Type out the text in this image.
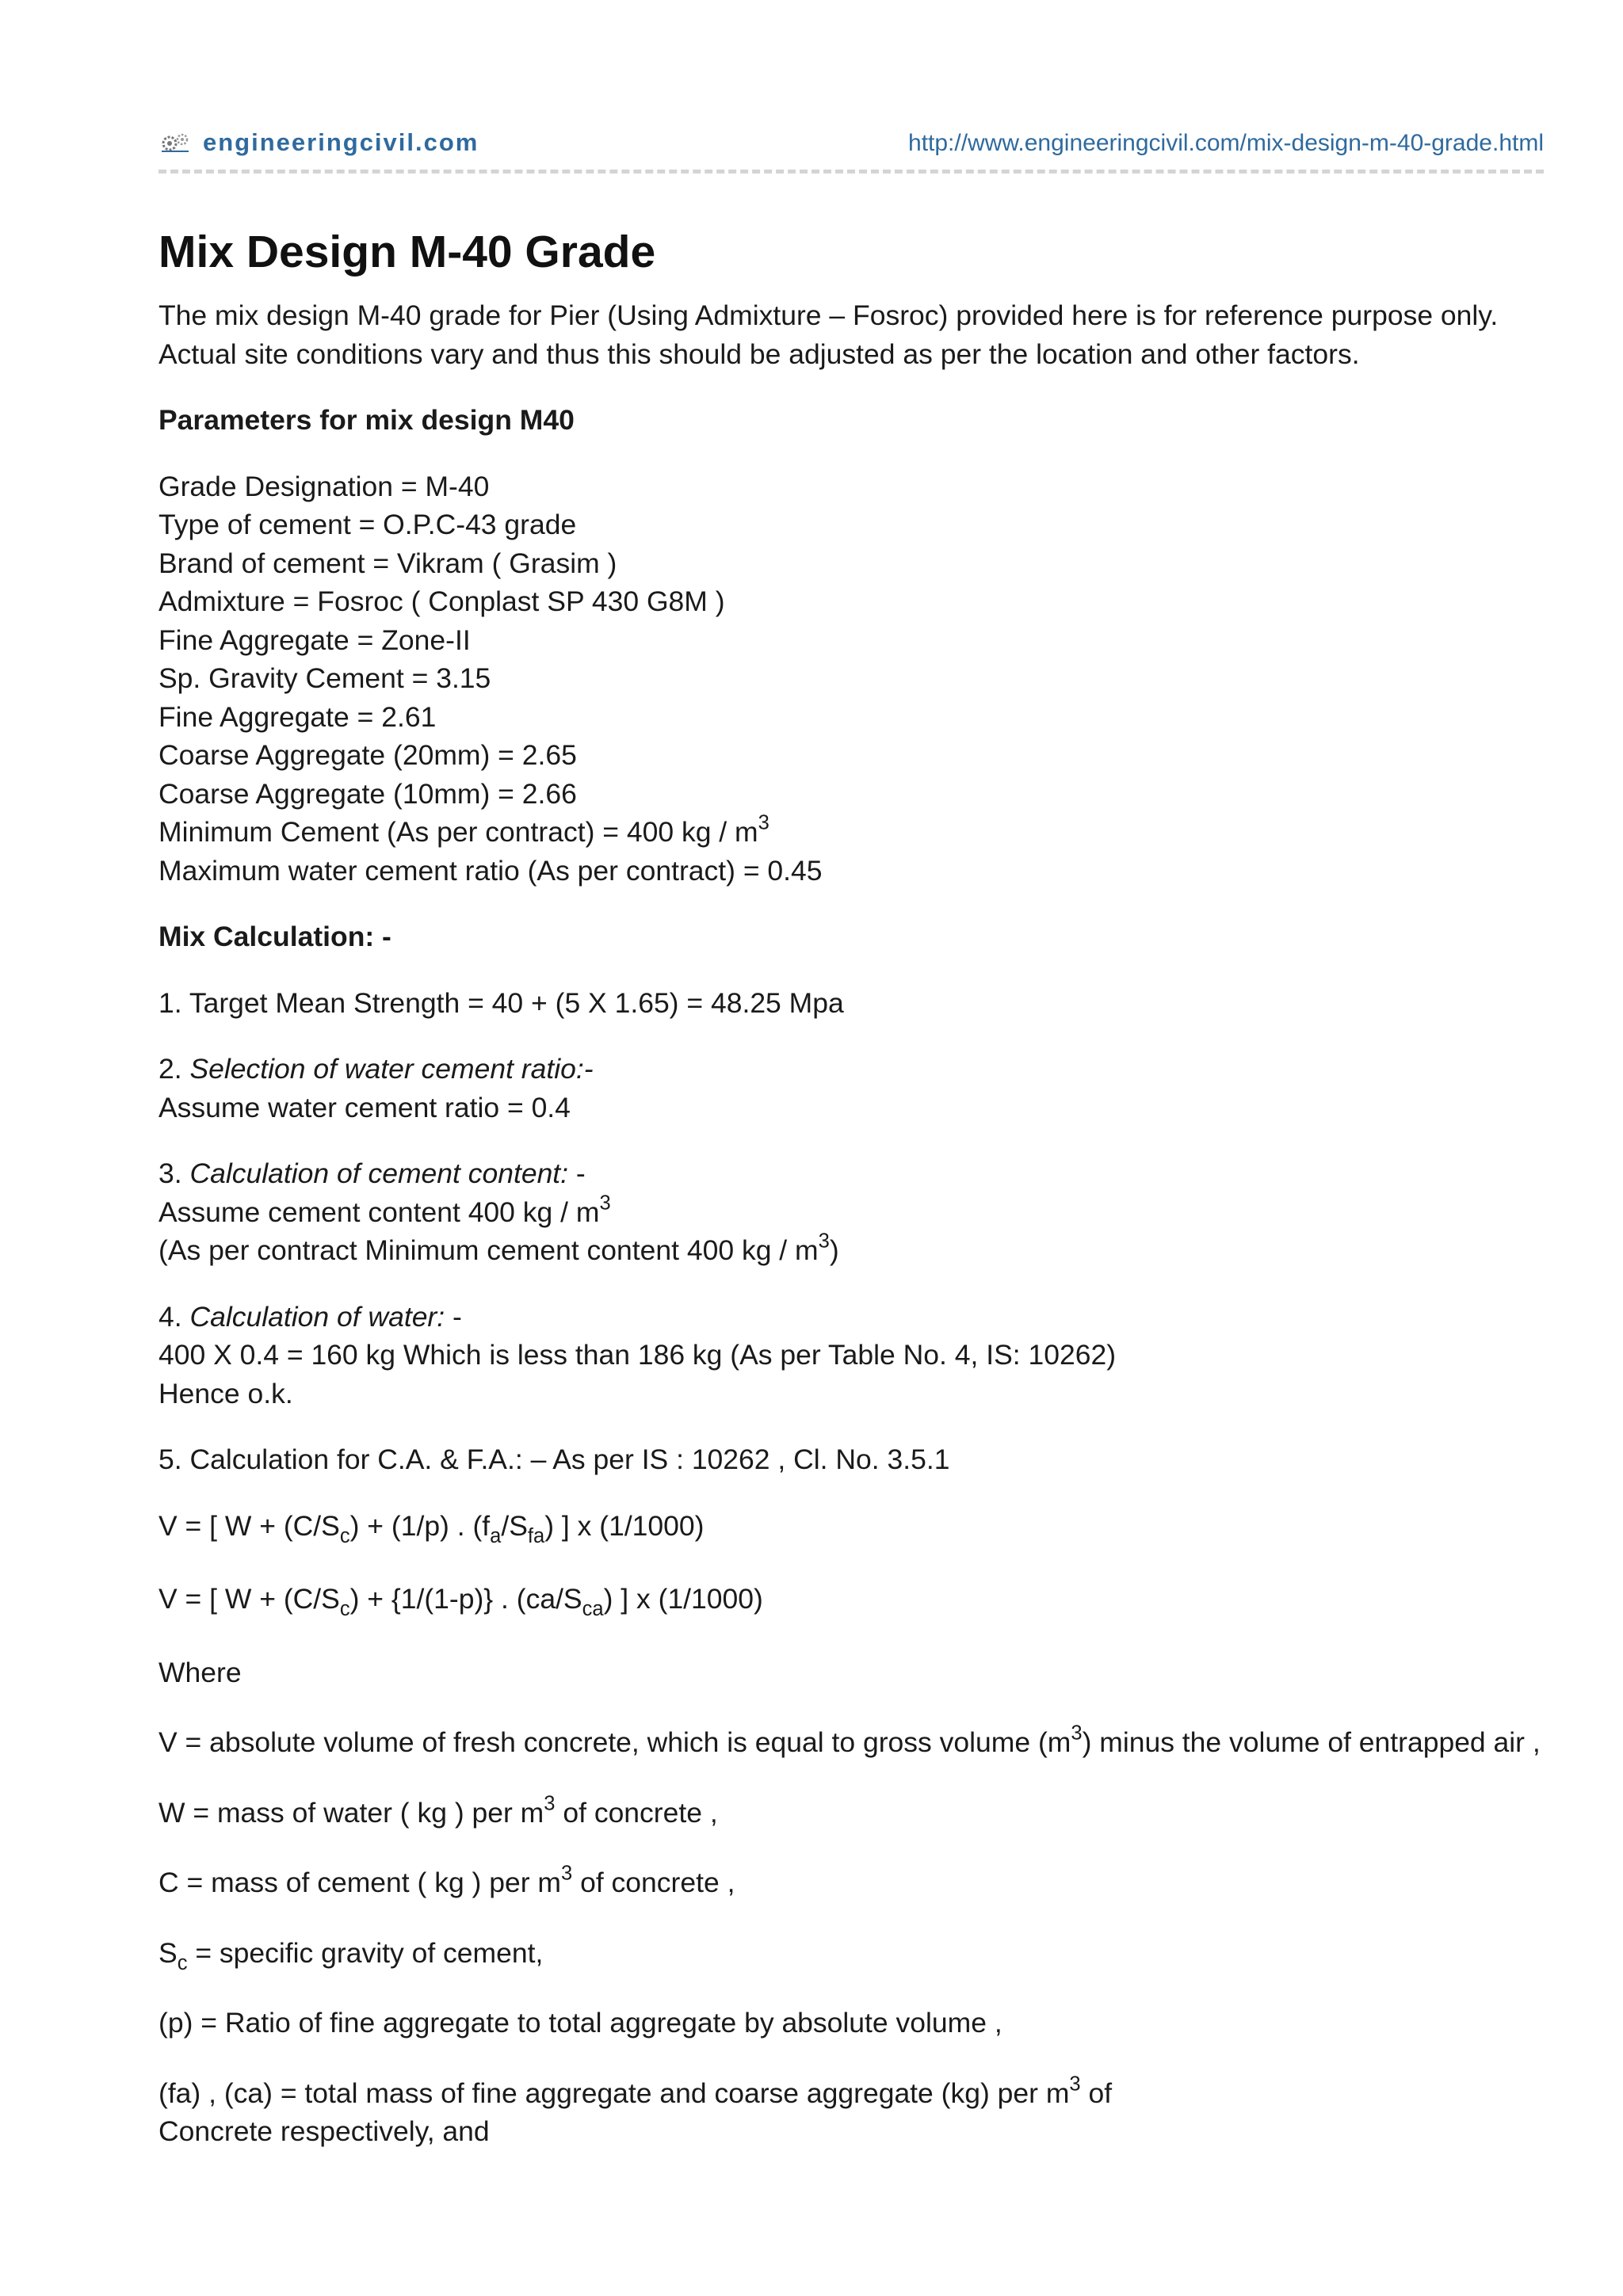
engineeringcivil.com	http://www.engineeringcivil.com/mix-design-m-40-grade.html
Mix Design M-40 Grade

The mix design M-40 grade for Pier (Using Admixture – Fosroc) provided here is for reference purpose only. Actual site conditions vary and thus this should be adjusted as per the location and other factors.

Parameters for mix design M40

Grade Designation = M-40
Type of cement = O.P.C-43 grade
Brand of cement = Vikram ( Grasim )
Admixture = Fosroc ( Conplast SP 430 G8M )
Fine Aggregate = Zone-II
Sp. Gravity Cement = 3.15
Fine Aggregate = 2.61
Coarse Aggregate (20mm) = 2.65
Coarse Aggregate (10mm) = 2.66
Minimum Cement (As per contract) = 400 kg / $m^3$
Maximum water cement ratio (As per contract) = 0.45

Mix Calculation: -

1. Target Mean Strength = 40 + (5 X 1.65) = 48.25 Mpa

2. Selection of water cement ratio:-
Assume water cement ratio = 0.4

3. Calculation of cement content: -
Assume cement content 400 kg / $m^3$
(As per contract Minimum cement content 400 kg / $m^3$)

4. Calculation of water: -
400 X 0.4 = 160 kg Which is less than 186 kg (As per Table No. 4, IS: 10262)
Hence o.k.

5. Calculation for C.A. & F.A.: – As per IS : 10262 , Cl. No. 3.5.1

V = [ $W + (C/S_c) + (1/p)$ . $(f_a/S_{fa})$ ] x (1/1000)

V = [ $W + (C/S_c) + \{1/(1-p)\}$ . $(ca/S_{ca})$ ] x (1/1000)

Where

V = absolute volume of fresh concrete, which is equal to gross volume $(m^3)$ minus the volume of entrapped air ,

W = mass of water ( kg ) per $m^3$ of concrete ,

C = mass of cement ( kg ) per $m^3$ of concrete ,

$S_c$ = specific gravity of cement,

(p) = Ratio of fine aggregate to total aggregate by absolute volume ,

(fa) , (ca) = total mass of fine aggregate and coarse aggregate (kg) per $m^3$ of
Concrete respectively, and
